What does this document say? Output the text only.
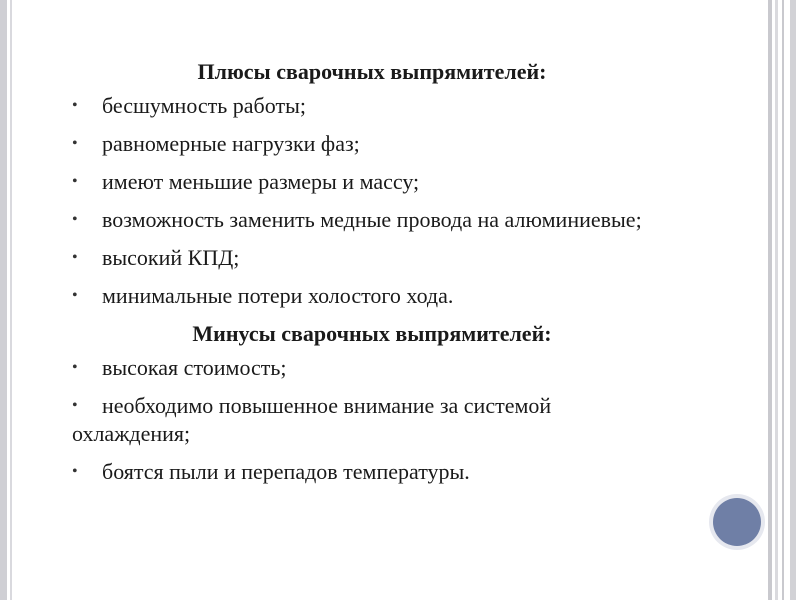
Плюсы сварочных выпрямителей:
• бесшумность работы;
• равномерные нагрузки фаз;
• имеют меньшие размеры и массу;
• возможность заменить медные провода на алюминиевые;
• высокий КПД;
• минимальные потери холостого хода.
Минусы сварочных выпрямителей:
• высокая стоимость;
• необходимо повышенное внимание за системой охлаждения;
• боятся пыли и перепадов температуры.
